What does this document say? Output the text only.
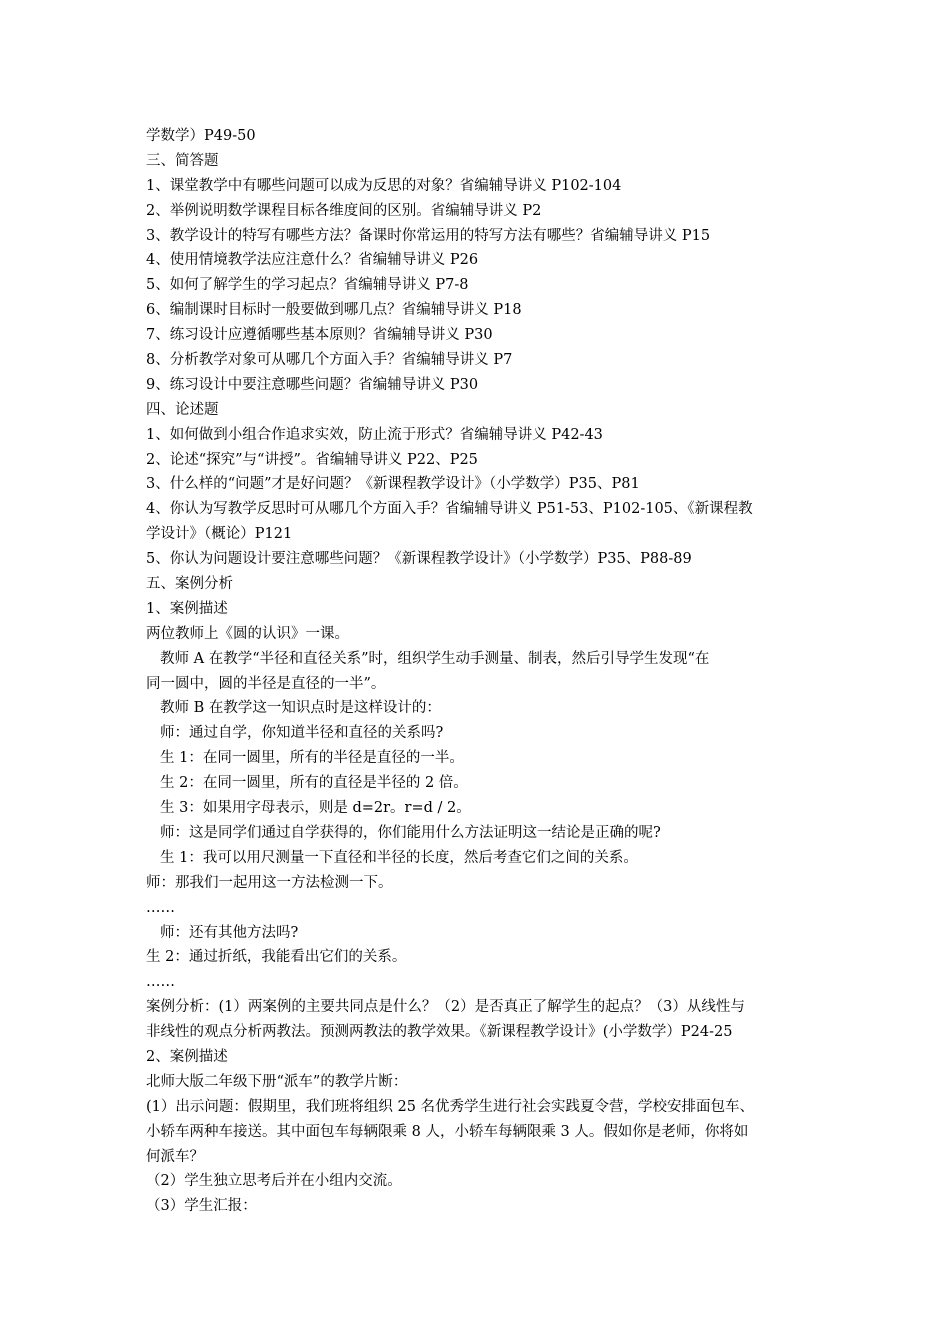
学数学）P49-50
三、简答题
1、课堂教学中有哪些问题可以成为反思的对象？省编辅导讲义 P102-104
2、举例说明数学课程目标各维度间的区别。省编辅导讲义 P2
3、教学设计的特写有哪些方法？备课时你常运用的特写方法有哪些？省编辅导讲义 P15
4、使用情境教学法应注意什么？省编辅导讲义 P26
5、如何了解学生的学习起点？省编辅导讲义 P7-8
6、编制课时目标时一般要做到哪几点？省编辅导讲义 P18
7、练习设计应遵循哪些基本原则？省编辅导讲义 P30
8、分析教学对象可从哪几个方面入手？省编辅导讲义 P7
9、练习设计中要注意哪些问题？省编辅导讲义 P30
四、论述题
1、如何做到小组合作追求实效，防止流于形式？省编辅导讲义 P42-43
2、论述“探究”与“讲授”。省编辅导讲义 P22、P25
3、什么样的“问题”才是好问题？《新课程教学设计》（小学数学）P35、P81
4、你认为写教学反思时可从哪几个方面入手？省编辅导讲义 P51-53、P102-105、《新课程教
学设计》（概论）P121
5、你认为问题设计要注意哪些问题？《新课程教学设计》（小学数学）P35、P88-89
五、案例分析
1、案例描述
两位教师上《圆的认识》一课。
教师 A 在教学“半径和直径关系”时，组织学生动手测量、制表，然后引导学生发现“在
同一圆中，圆的半径是直径的一半”。
教师 B 在教学这一知识点时是这样设计的：
师：通过自学，你知道半径和直径的关系吗?
生 1：在同一圆里，所有的半径是直径的一半。
生 2：在同一圆里，所有的直径是半径的 2 倍。
生 3：如果用字母表示，则是 d=2r。r=d / 2。
师：这是同学们通过自学获得的，你们能用什么方法证明这一结论是正确的呢?
生 1：我可以用尺测量一下直径和半径的长度，然后考查它们之间的关系。
师：那我们一起用这一方法检测一下。
……
师：还有其他方法吗?
生 2：通过折纸，我能看出它们的关系。
……
案例分析：(1）两案例的主要共同点是什么？（2）是否真正了解学生的起点？（3）从线性与
非线性的观点分析两教法。预测两教法的教学效果。《新课程教学设计》(小学数学）P24-25
2、案例描述
北师大版二年级下册“派车”的教学片断：
(1）出示问题：假期里，我们班将组织 25 名优秀学生进行社会实践夏令营，学校安排面包车、
小轿车两种车接送。其中面包车每辆限乘 8 人，小轿车每辆限乘 3 人。假如你是老师，你将如
何派车？
（2）学生独立思考后并在小组内交流。
（3）学生汇报：
